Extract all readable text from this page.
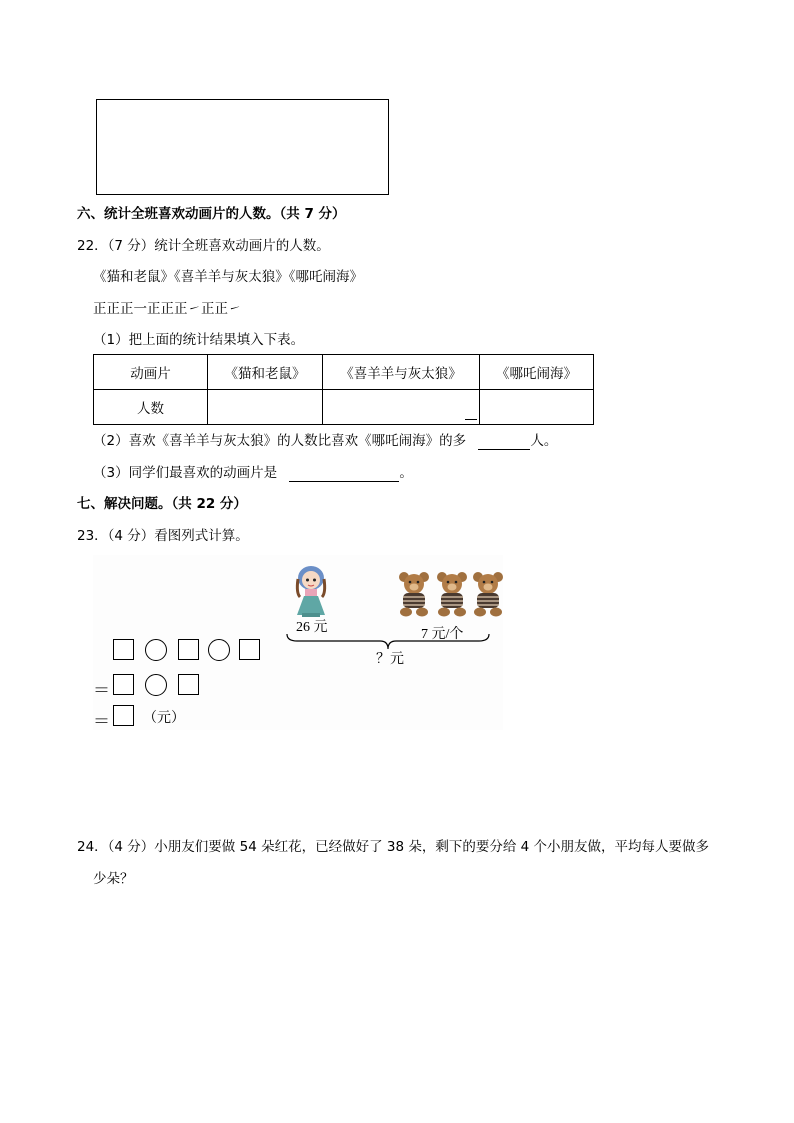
六、统计全班喜欢动画片的人数。（共 7 分）
22．（7 分）统计全班喜欢动画片的人数。
《猫和老鼠》《喜羊羊与灰太狼》《哪吒闹海》
正正正一正正正㇀正正㇀
（1）把上面的统计结果填入下表。
动画片	《猫和老鼠》	《喜羊羊与灰太狼》	《哪吒闹海》
人数		

（2）喜欢《喜羊羊与灰太狼》的人数比喜欢《哪吒闹海》的多	人。
（3）同学们最喜欢的动画片是	。
七、解决问题。（共 22 分）
23．（4 分）看图列式计算。
26 元	7 元/个
？元
＝
＝ （元）
24．（4 分）小朋友们要做 54 朵红花，已经做好了 38 朵，剩下的要分给 4 个小朋友做，平均每人要做多
少朵？
